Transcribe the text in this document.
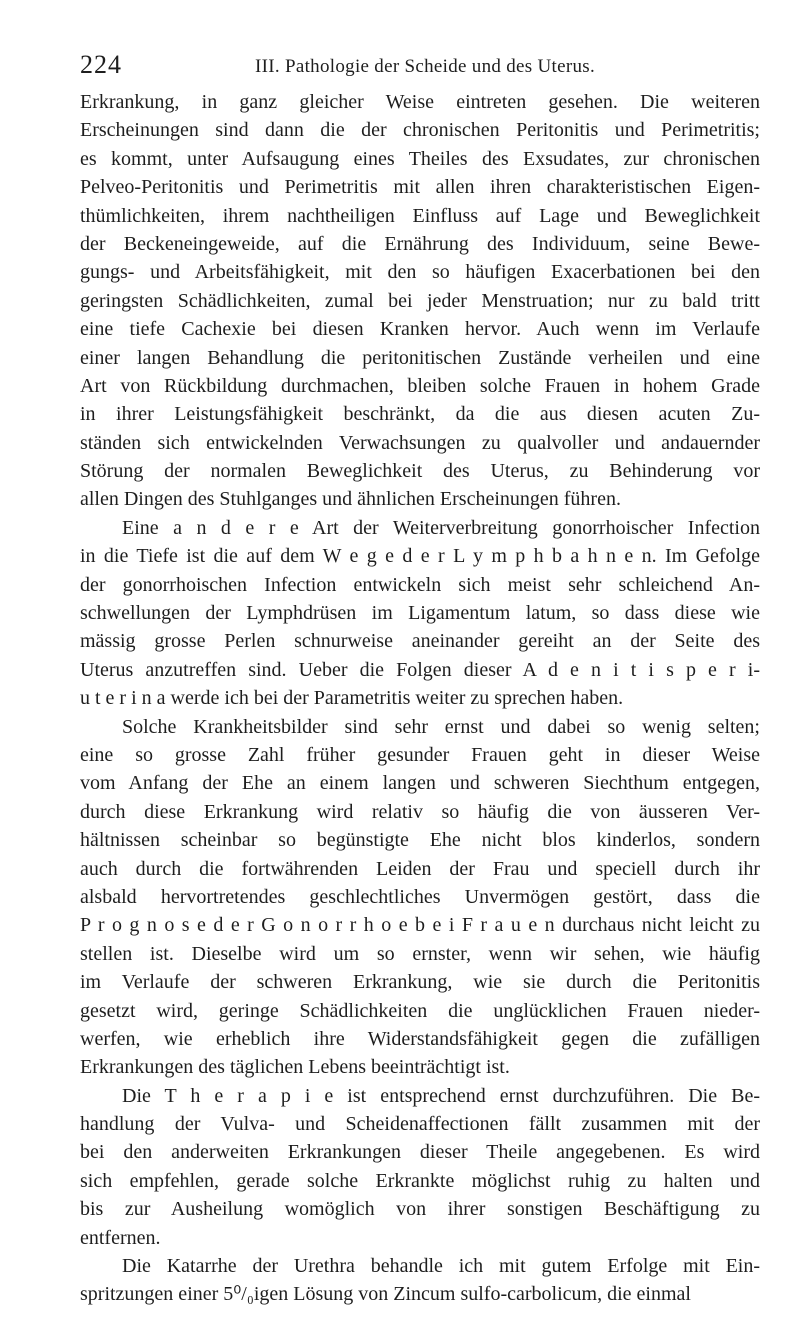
224	III. Pathologie der Scheide und des Uterus.
Erkrankung, in ganz gleicher Weise eintreten gesehen. Die weiteren
Erscheinungen sind dann die der chronischen Peritonitis und Perimetritis;
es kommt, unter Aufsaugung eines Theiles des Exsudates, zur chronischen
Pelveo-Peritonitis und Perimetritis mit allen ihren charakteristischen Eigen-
thümlichkeiten, ihrem nachtheiligen Einfluss auf Lage und Beweglichkeit
der Beckeneingeweide, auf die Ernährung des Individuum, seine Bewe-
gungs- und Arbeitsfähigkeit, mit den so häufigen Exacerbationen bei den
geringsten Schädlichkeiten, zumal bei jeder Menstruation; nur zu bald tritt
eine tiefe Cachexie bei diesen Kranken hervor. Auch wenn im Verlaufe
einer langen Behandlung die peritonitischen Zustände verheilen und eine
Art von Rückbildung durchmachen, bleiben solche Frauen in hohem Grade
in ihrer Leistungsfähigkeit beschränkt, da die aus diesen acuten Zu-
ständen sich entwickelnden Verwachsungen zu qualvoller und andauernder
Störung der normalen Beweglichkeit des Uterus, zu Behinderung vor
allen Dingen des Stuhlganges und ähnlichen Erscheinungen führen.
Eine a n d e r e Art der Weiterverbreitung gonorrhoischer Infection
in die Tiefe ist die auf dem W e g e d e r L y m p h b a h n e n. Im Gefolge
der gonorrhoischen Infection entwickeln sich meist sehr schleichend An-
schwellungen der Lymphdrüsen im Ligamentum latum, so dass diese wie
mässig grosse Perlen schnurweise aneinander gereiht an der Seite des
Uterus anzutreffen sind. Ueber die Folgen dieser A d e n i t i s p e r i-
u t e r i n a werde ich bei der Parametritis weiter zu sprechen haben.
Solche Krankheitsbilder sind sehr ernst und dabei so wenig selten;
eine so grosse Zahl früher gesunder Frauen geht in dieser Weise
vom Anfang der Ehe an einem langen und schweren Siechthum entgegen,
durch diese Erkrankung wird relativ so häufig die von äusseren Ver-
hältnissen scheinbar so begünstigte Ehe nicht blos kinderlos, sondern
auch durch die fortwährenden Leiden der Frau und speciell durch ihr
alsbald hervortretendes geschlechtliches Unvermögen gestört, dass die
P r o g n o s e d e r G o n o r r h o e b e i F r a u e n durchaus nicht leicht zu
stellen ist. Dieselbe wird um so ernster, wenn wir sehen, wie häufig
im Verlaufe der schweren Erkrankung, wie sie durch die Peritonitis
gesetzt wird, geringe Schädlichkeiten die unglücklichen Frauen nieder-
werfen, wie erheblich ihre Widerstandsfähigkeit gegen die zufälligen
Erkrankungen des täglichen Lebens beeinträchtigt ist.
Die T h e r a p i e ist entsprechend ernst durchzuführen. Die Be-
handlung der Vulva- und Scheidenaffectionen fällt zusammen mit der
bei den anderweiten Erkrankungen dieser Theile angegebenen. Es wird
sich empfehlen, gerade solche Erkrankte möglichst ruhig zu halten und
bis zur Ausheilung womöglich von ihrer sonstigen Beschäftigung zu
entfernen.
Die Katarrhe der Urethra behandle ich mit gutem Erfolge mit Ein-
spritzungen einer 5⁰/₀igen Lösung von Zincum sulfo-carbolicum, die einmal
